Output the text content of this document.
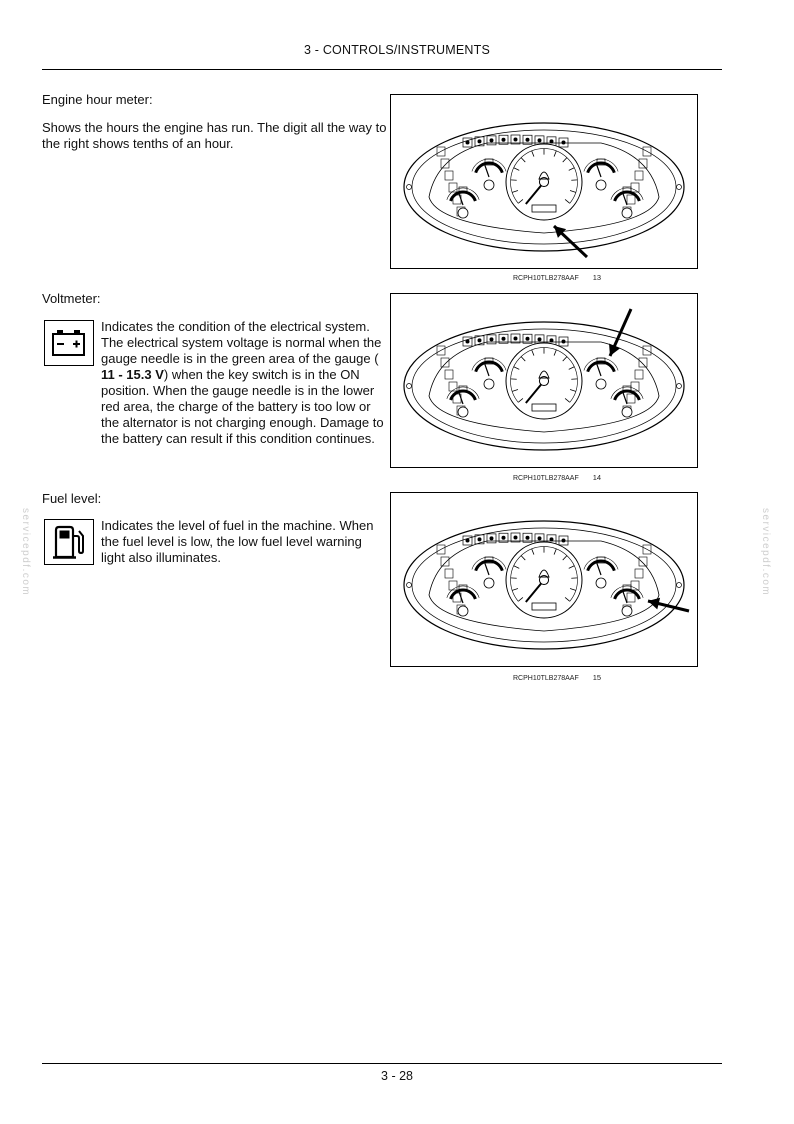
3 - CONTROLS/INSTRUMENTS
Engine hour meter:
Shows the hours the engine has run. The digit all the way to the right shows tenths of an hour.
RCPH10TLB278AAF 13
Voltmeter:
Indicates the condition of the electrical system. The electrical system voltage is normal when the gauge needle is in the green area of the gauge ( 11 - 15.3 V) when the key switch is in the ON position. When the gauge needle is in the lower red area, the charge of the battery is too low or the alternator is not charging enough. Damage to the battery can result if this condition continues.
RCPH10TLB278AAF 14
Fuel level:
Indicates the level of fuel in the machine. When the fuel level is low, the low fuel level warning light also illuminates.
RCPH10TLB278AAF 15
servicepdf.com	servicepdf.com
3 - 28
